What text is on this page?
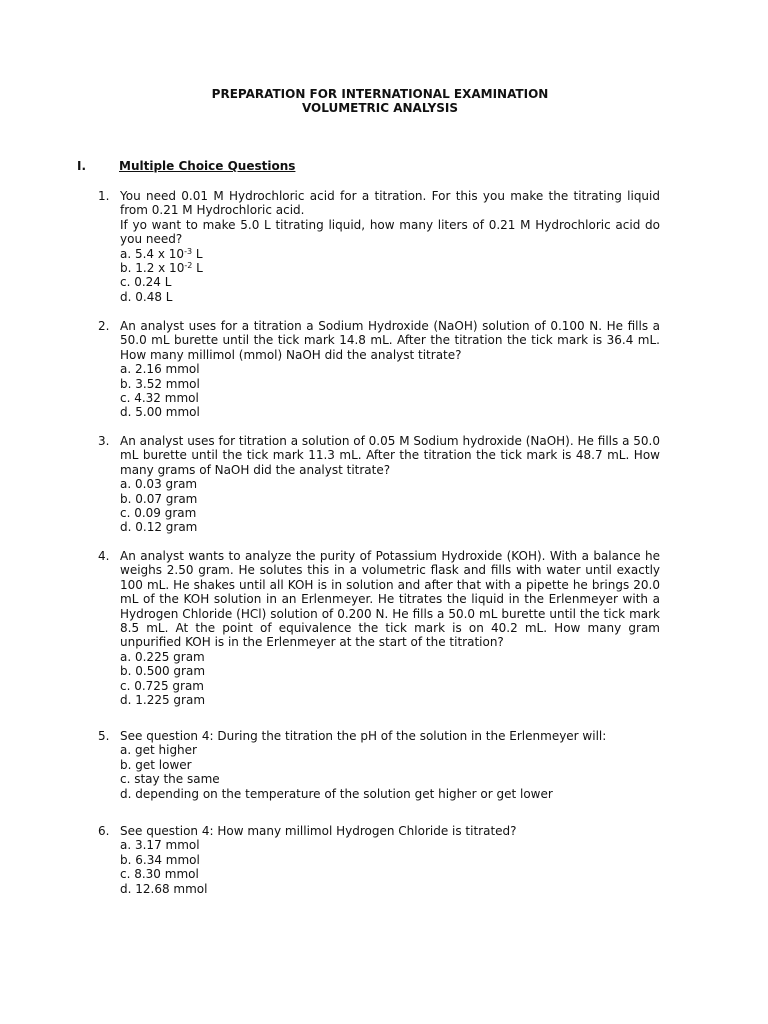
PREPARATION FOR INTERNATIONAL EXAMINATION
VOLUMETRIC ANALYSIS
I.	Multiple Choice Questions
1. You need 0.01 M Hydrochloric acid for a titration. For this you make the titrating liquid from 0.21 M Hydrochloric acid.

If yo want to make 5.0 L titrating liquid, how many liters of 0.21 M Hydrochloric acid do you need?

a. 5.4 x $10^{-3}$ L
b. 1.2 x $10^{-2}$ L
c. 0.24 L
d. 0.48 L
2. An analyst uses for a titration a Sodium Hydroxide (NaOH) solution of 0.100 N. He fills a 50.0 mL burette until the tick mark 14.8 mL. After the titration the tick mark is 36.4 mL. How many millimol (mmol) NaOH did the analyst titrate?
a. 2.16 mmol
b. 3.52 mmol
c. 4.32 mmol
d. 5.00 mmol
3. An analyst uses for titration a solution of 0.05 M Sodium hydroxide (NaOH). He fills a 50.0 mL burette until the tick mark 11.3 mL. After the titration the tick mark is 48.7 mL. How many grams of NaOH did the analyst titrate?
a. 0.03 gram
b. 0.07 gram
c. 0.09 gram
d. 0.12 gram
4. An analyst wants to analyze the purity of Potassium Hydroxide (KOH). With a balance he weighs 2.50 gram. He solutes this in a volumetric flask and fills with water until exactly 100 mL. He shakes until all KOH is in solution and after that with a pipette he brings 20.0 mL of the KOH solution in an Erlenmeyer. He titrates the liquid in the Erlenmeyer with a Hydrogen Chloride (HCl) solution of 0.200 N. He fills a 50.0 mL burette until the tick mark 8.5 mL. At the point of equivalence the tick mark is on 40.2 mL. How many gram unpurified KOH is in the Erlenmeyer at the start of the titration?
a. 0.225 gram
b. 0.500 gram
c. 0.725 gram
d. 1.225 gram
5. See question 4: During the titration the pH of the solution in the Erlenmeyer will:
a. get higher
b. get lower
c. stay the same
d. depending on the temperature of the solution get higher or get lower
6. See question 4: How many millimol Hydrogen Chloride is titrated?
a. 3.17 mmol
b. 6.34 mmol
c. 8.30 mmol
d. 12.68 mmol
